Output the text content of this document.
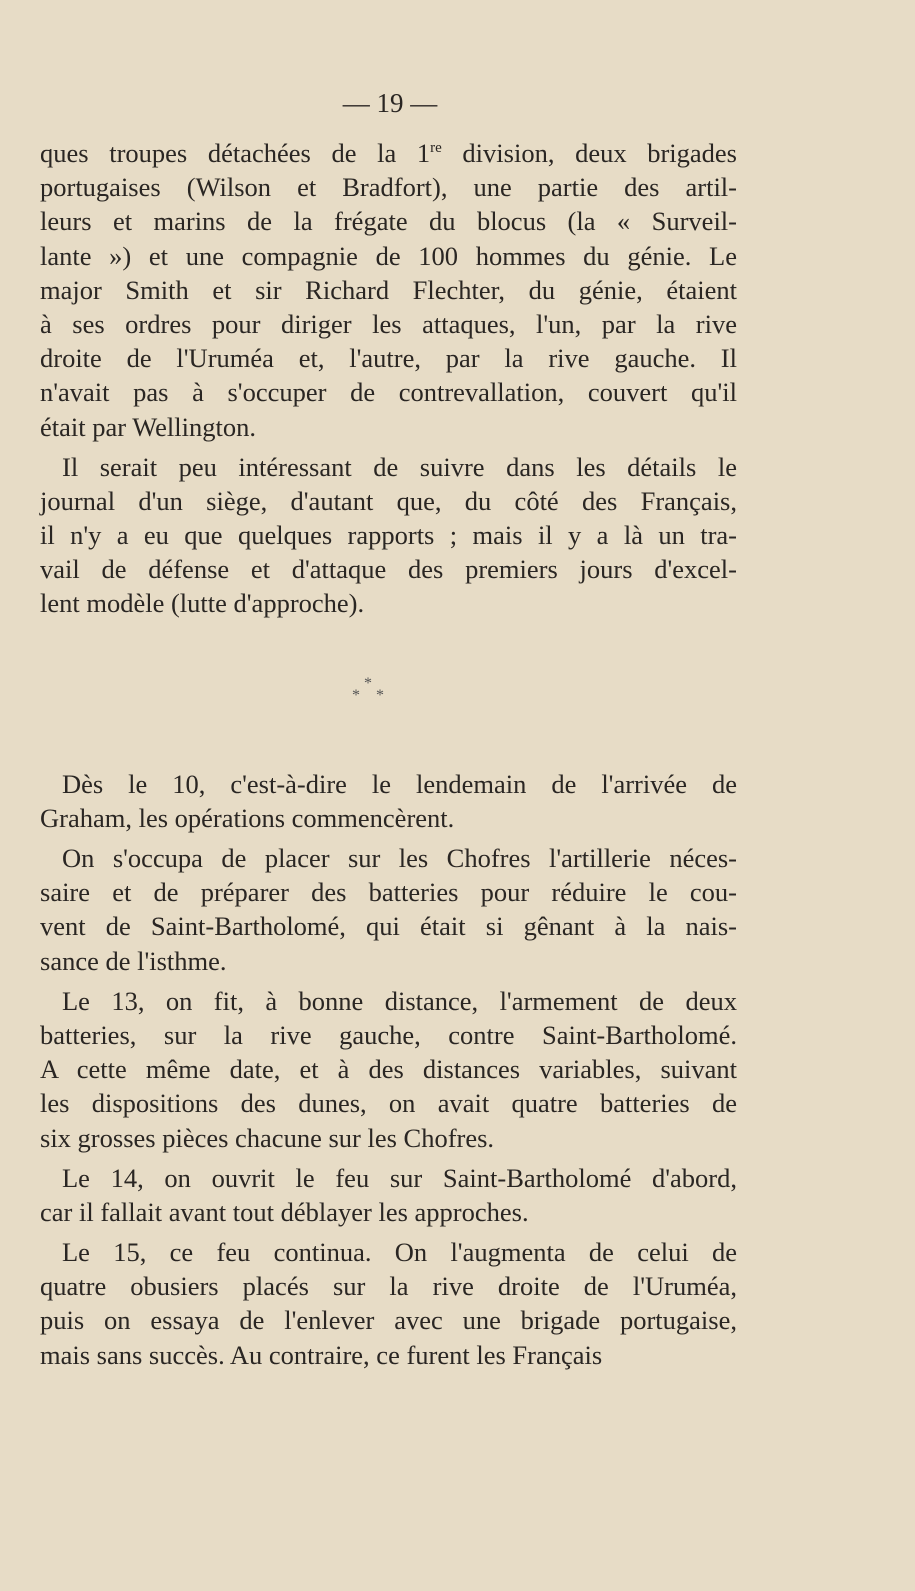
— 19 —
ques troupes détachées de la 1re division, deux brigades
portugaises (Wilson et Bradfort), une partie des artil-
leurs et marins de la frégate du blocus (la « Surveil-
lante ») et une compagnie de 100 hommes du génie. Le
major Smith et sir Richard Flechter, du génie, étaient
à ses ordres pour diriger les attaques, l'un, par la rive
droite de l'Uruméa et, l'autre, par la rive gauche. Il
n'avait pas à s'occuper de contrevallation, couvert qu'il
était par Wellington.
Il serait peu intéressant de suivre dans les détails le
journal d'un siège, d'autant que, du côté des Français,
il n'y a eu que quelques rapports ; mais il y a là un tra-
vail de défense et d'attaque des premiers jours d'excel-
lent modèle (lutte d'approche).
*
* *
Dès le 10, c'est-à-dire le lendemain de l'arrivée de
Graham, les opérations commencèrent.
On s'occupa de placer sur les Chofres l'artillerie néces-
saire et de préparer des batteries pour réduire le cou-
vent de Saint-Bartholomé, qui était si gênant à la nais-
sance de l'isthme.
Le 13, on fit, à bonne distance, l'armement de deux
batteries, sur la rive gauche, contre Saint-Bartholomé.
A cette même date, et à des distances variables, suivant
les dispositions des dunes, on avait quatre batteries de
six grosses pièces chacune sur les Chofres.
Le 14, on ouvrit le feu sur Saint-Bartholomé d'abord,
car il fallait avant tout déblayer les approches.
Le 15, ce feu continua. On l'augmenta de celui de
quatre obusiers placés sur la rive droite de l'Uruméa,
puis on essaya de l'enlever avec une brigade portugaise,
mais sans succès. Au contraire, ce furent les Français
